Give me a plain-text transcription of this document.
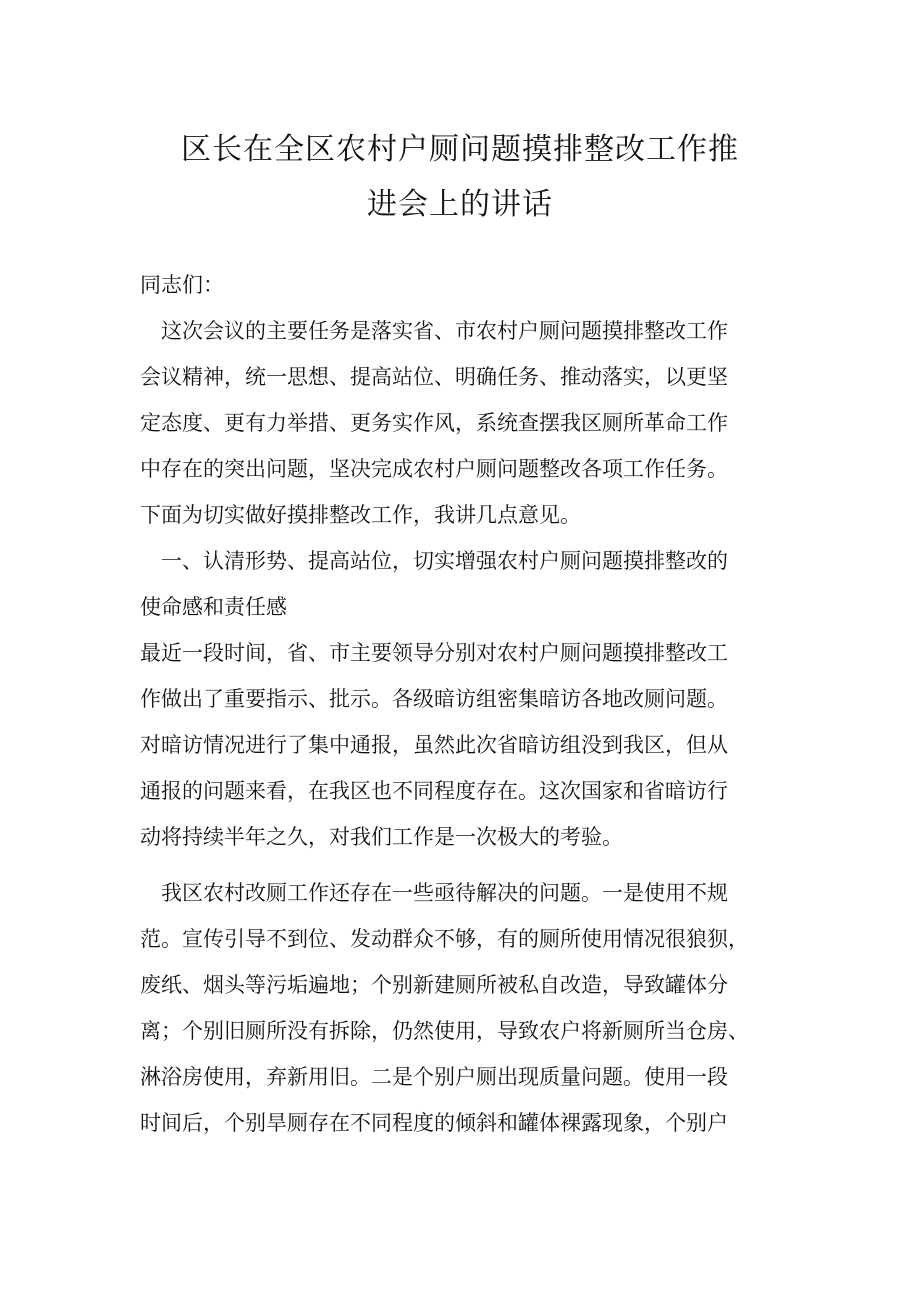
区长在全区农村户厕问题摸排整改工作推
进会上的讲话
同志们：
　这次会议的主要任务是落实省、市农村户厕问题摸排整改工作
会议精神，统一思想、提高站位、明确任务、推动落实，以更坚
定态度、更有力举措、更务实作风，系统查摆我区厕所革命工作
中存在的突出问题，坚决完成农村户厕问题整改各项工作任务。
下面为切实做好摸排整改工作，我讲几点意见。
　一、认清形势、提高站位，切实增强农村户厕问题摸排整改的
使命感和责任感
最近一段时间，省、市主要领导分别对农村户厕问题摸排整改工
作做出了重要指示、批示。各级暗访组密集暗访各地改厕问题。
对暗访情况进行了集中通报，虽然此次省暗访组没到我区，但从
通报的问题来看，在我区也不同程度存在。这次国家和省暗访行
动将持续半年之久，对我们工作是一次极大的考验。
　我区农村改厕工作还存在一些亟待解决的问题。一是使用不规
范。宣传引导不到位、发动群众不够，有的厕所使用情况很狼狈，
废纸、烟头等污垢遍地；个别新建厕所被私自改造，导致罐体分
离；个别旧厕所没有拆除，仍然使用，导致农户将新厕所当仓房、
淋浴房使用，弃新用旧。二是个别户厕出现质量问题。使用一段
时间后，个别旱厕存在不同程度的倾斜和罐体裸露现象，个别户
